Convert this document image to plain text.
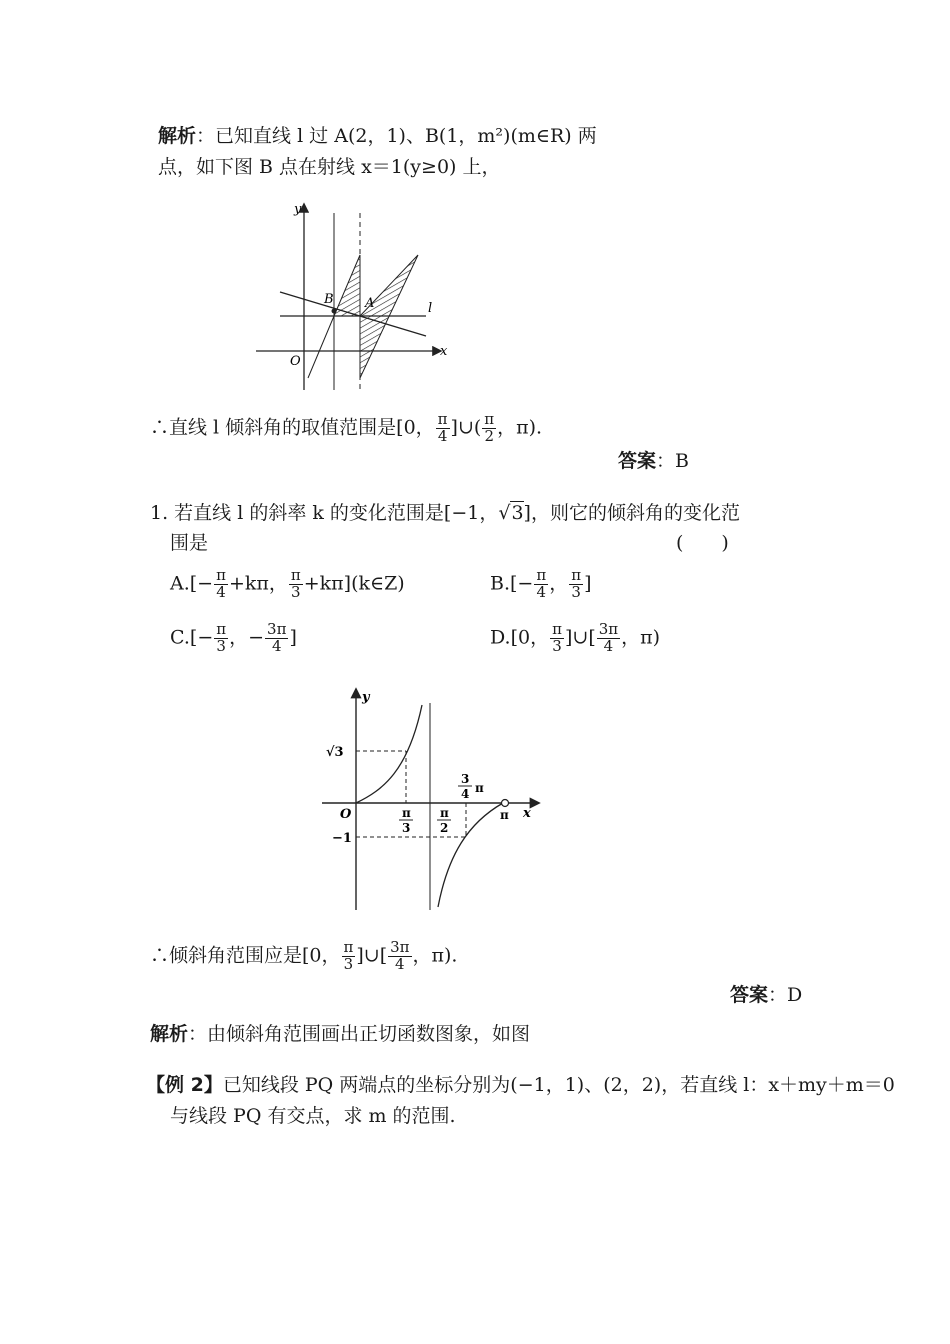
解析：已知直线 l 过 A(2，1)、B(1，m²)(m∈R) 两
点，如下图 B 点在射线 x＝1(y≥0) 上，
y
x
O
B A	l
∴直线 l 倾斜角的取值范围是[0， $\frac{\pi}{4}$ ]∪( $\frac{\pi}{2}$ ，π).
答案：B
1. 若直线 l 的斜率 k 的变化范围是[−1，√3]，则它的倾斜角的变化范
围是	(　　)
$A.[- \frac{\pi}{4} +k\pi$， $\frac{\pi}{3}$ +kπ](k∈Z)	$B.[- \frac{\pi}{4}$ ， $\frac{\pi}{3}$ ]
$C.[- \frac{\pi}{3}$ ，− $\frac{3\pi}{4}$ ]	D.[0， $\frac{\pi}{3}$ ]∪[ $\frac{3\pi}{4}$ ，π)
y
x
O
√3
−1
π
3
π
2
3
4 π
π
∴倾斜角范围应是[0， $\frac{\pi}{3}$ ]∪[ $\frac{3\pi}{4}$ ，π).
答案：D
解析：由倾斜角范围画出正切函数图象，如图
【例 2】已知线段 PQ 两端点的坐标分别为(−1，1)、(2，2)，若直线 l：x＋my＋m＝0
与线段 PQ 有交点，求 m 的范围.
